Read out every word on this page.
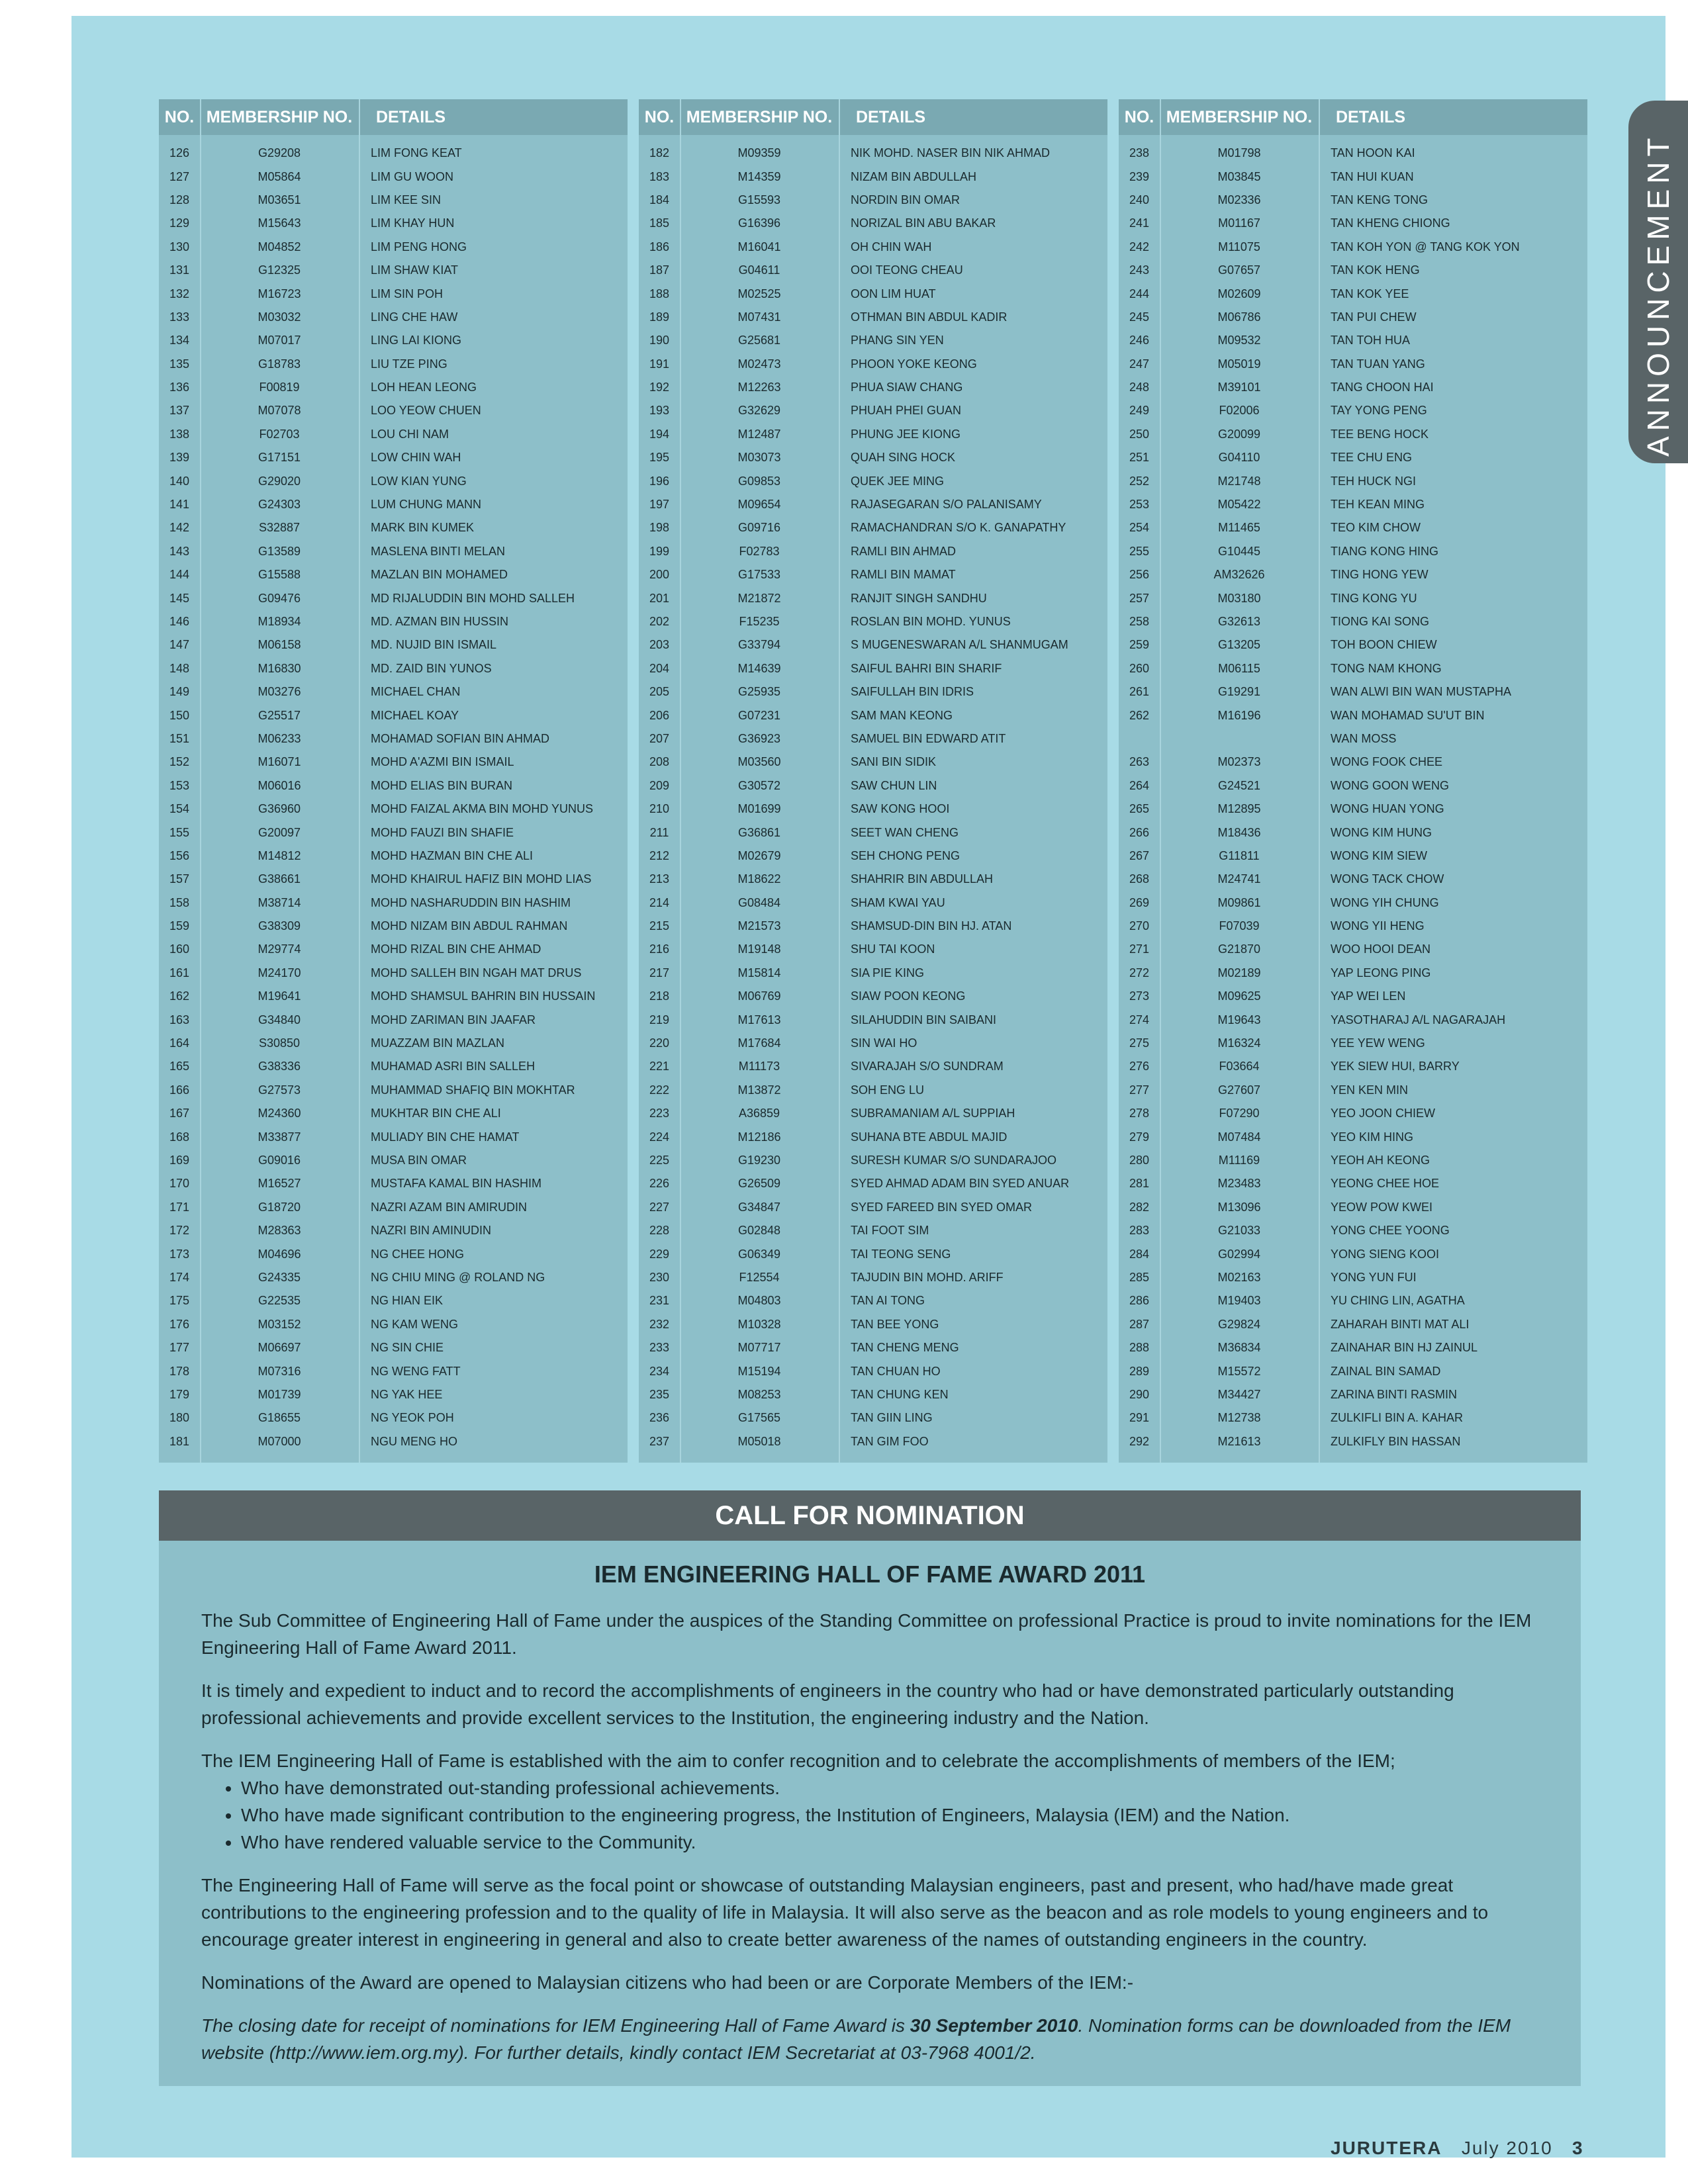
ANNOUNCEMENT
NO. MEMBERSHIP NO.	DETAILS
126	G29208	LIM FONG KEAT
127	M05864	LIM GU WOON
128	M03651	LIM KEE SIN
129	M15643	LIM KHAY HUN
130	M04852	LIM PENG HONG
131	G12325	LIM SHAW KIAT
132	M16723	LIM SIN POH
133	M03032	LING CHE HAW
134	M07017	LING LAI KIONG
135	G18783	LIU TZE PING
136	F00819	LOH HEAN LEONG
137	M07078	LOO YEOW CHUEN
138	F02703	LOU CHI NAM
139	G17151	LOW CHIN WAH
140	G29020	LOW KIAN YUNG
141	G24303	LUM CHUNG MANN
142	S32887	MARK BIN KUMEK
143	G13589	MASLENA BINTI MELAN
144	G15588	MAZLAN BIN MOHAMED
145	G09476	MD RIJALUDDIN BIN MOHD SALLEH
146	M18934	MD. AZMAN BIN HUSSIN
147	M06158	MD. NUJID BIN ISMAIL
148	M16830	MD. ZAID BIN YUNOS
149	M03276	MICHAEL CHAN
150	G25517	MICHAEL KOAY
151	M06233	MOHAMAD SOFIAN BIN AHMAD
152	M16071	MOHD A'AZMI BIN ISMAIL
153	M06016	MOHD ELIAS BIN BURAN
154	G36960	MOHD FAIZAL AKMA BIN MOHD YUNUS
155	G20097	MOHD FAUZI BIN SHAFIE
156	M14812	MOHD HAZMAN BIN CHE ALI
157	G38661	MOHD KHAIRUL HAFIZ BIN MOHD LIAS
158	M38714	MOHD NASHARUDDIN BIN HASHIM
159	G38309	MOHD NIZAM BIN ABDUL RAHMAN
160	M29774	MOHD RIZAL BIN CHE AHMAD
161	M24170	MOHD SALLEH BIN NGAH MAT DRUS
162	M19641	MOHD SHAMSUL BAHRIN BIN HUSSAIN
163	G34840	MOHD ZARIMAN BIN JAAFAR
164	S30850	MUAZZAM BIN MAZLAN
165	G38336	MUHAMAD ASRI BIN SALLEH
166	G27573	MUHAMMAD SHAFIQ BIN MOKHTAR
167	M24360	MUKHTAR BIN CHE ALI
168	M33877	MULIADY BIN CHE HAMAT
169	G09016	MUSA BIN OMAR
170	M16527	MUSTAFA KAMAL BIN HASHIM
171	G18720	NAZRI AZAM BIN AMIRUDIN
172	M28363	NAZRI BIN AMINUDIN
173	M04696	NG CHEE HONG
174	G24335	NG CHIU MING @ ROLAND NG
175	G22535	NG HIAN EIK
176	M03152	NG KAM WENG
177	M06697	NG SIN CHIE
178	M07316	NG WENG FATT
179	M01739	NG YAK HEE
180	G18655	NG YEOK POH
181	M07000	NGU MENG HO
NO. MEMBERSHIP NO.	DETAILS
182	M09359	NIK MOHD. NASER BIN NIK AHMAD
183	M14359	NIZAM BIN ABDULLAH
184	G15593	NORDIN BIN OMAR
185	G16396	NORIZAL BIN ABU BAKAR
186	M16041	OH CHIN WAH
187	G04611	OOI TEONG CHEAU
188	M02525	OON LIM HUAT
189	M07431	OTHMAN BIN ABDUL KADIR
190	G25681	PHANG SIN YEN
191	M02473	PHOON YOKE KEONG
192	M12263	PHUA SIAW CHANG
193	G32629	PHUAH PHEI GUAN
194	M12487	PHUNG JEE KIONG
195	M03073	QUAH SING HOCK
196	G09853	QUEK JEE MING
197	M09654	RAJASEGARAN S/O PALANISAMY
198	G09716	RAMACHANDRAN S/O K. GANAPATHY
199	F02783	RAMLI BIN AHMAD
200	G17533	RAMLI BIN MAMAT
201	M21872	RANJIT SINGH SANDHU
202	F15235	ROSLAN BIN MOHD. YUNUS
203	G33794	S MUGENESWARAN A/L SHANMUGAM
204	M14639	SAIFUL BAHRI BIN SHARIF
205	G25935	SAIFULLAH BIN IDRIS
206	G07231	SAM MAN KEONG
207	G36923	SAMUEL BIN EDWARD ATIT
208	M03560	SANI BIN SIDIK
209	G30572	SAW CHUN LIN
210	M01699	SAW KONG HOOI
211	G36861	SEET WAN CHENG
212	M02679	SEH CHONG PENG
213	M18622	SHAHRIR BIN ABDULLAH
214	G08484	SHAM KWAI YAU
215	M21573	SHAMSUD-DIN BIN HJ. ATAN
216	M19148	SHU TAI KOON
217	M15814	SIA PIE KING
218	M06769	SIAW POON KEONG
219	M17613	SILAHUDDIN BIN SAIBANI
220	M17684	SIN WAI HO
221	M11173	SIVARAJAH S/O SUNDRAM
222	M13872	SOH ENG LU
223	A36859	SUBRAMANIAM A/L SUPPIAH
224	M12186	SUHANA BTE ABDUL MAJID
225	G19230	SURESH KUMAR S/O SUNDARAJOO
226	G26509	SYED AHMAD ADAM BIN SYED ANUAR
227	G34847	SYED FAREED BIN SYED OMAR
228	G02848	TAI FOOT SIM
229	G06349	TAI TEONG SENG
230	F12554	TAJUDIN BIN MOHD. ARIFF
231	M04803	TAN AI TONG
232	M10328	TAN BEE YONG
233	M07717	TAN CHENG MENG
234	M15194	TAN CHUAN HO
235	M08253	TAN CHUNG KEN
236	G17565	TAN GIIN LING
237	M05018	TAN GIM FOO
NO. MEMBERSHIP NO.	DETAILS
238	M01798	TAN HOON KAI
239	M03845	TAN HUI KUAN
240	M02336	TAN KENG TONG
241	M01167	TAN KHENG CHIONG
242	M11075	TAN KOH YON @ TANG KOK YON
243	G07657	TAN KOK HENG
244	M02609	TAN KOK YEE
245	M06786	TAN PUI CHEW
246	M09532	TAN TOH HUA
247	M05019	TAN TUAN YANG
248	M39101	TANG CHOON HAI
249	F02006	TAY YONG PENG
250	G20099	TEE BENG HOCK
251	G04110	TEE CHU ENG
252	M21748	TEH HUCK NGI
253	M05422	TEH KEAN MING
254	M11465	TEO KIM CHOW
255	G10445	TIANG KONG HING
256	AM32626	TING HONG YEW
257	M03180	TING KONG YU
258	G32613	TIONG KAI SONG
259	G13205	TOH BOON CHIEW
260	M06115	TONG NAM KHONG
261	G19291	WAN ALWI BIN WAN MUSTAPHA
262	M16196	WAN MOHAMAD SU'UT BIN
WAN MOSS
263	M02373	WONG FOOK CHEE
264	G24521	WONG GOON WENG
265	M12895	WONG HUAN YONG
266	M18436	WONG KIM HUNG
267	G11811	WONG KIM SIEW
268	M24741	WONG TACK CHOW
269	M09861	WONG YIH CHUNG
270	F07039	WONG YII HENG
271	G21870	WOO HOOI DEAN
272	M02189	YAP LEONG PING
273	M09625	YAP WEI LEN
274	M19643	YASOTHARAJ A/L NAGARAJAH
275	M16324	YEE YEW WENG
276	F03664	YEK SIEW HUI, BARRY
277	G27607	YEN KEN MIN
278	F07290	YEO JOON CHIEW
279	M07484	YEO KIM HING
280	M11169	YEOH AH KEONG
281	M23483	YEONG CHEE HOE
282	M13096	YEOW POW KWEI
283	G21033	YONG CHEE YOONG
284	G02994	YONG SIENG KOOI
285	M02163	YONG YUN FUI
286	M19403	YU CHING LIN, AGATHA
287	G29824	ZAHARAH BINTI MAT ALI
288	M36834	ZAINAHAR BIN HJ ZAINUL
289	M15572	ZAINAL BIN SAMAD
290	M34427	ZARINA BINTI RASMIN
291	M12738	ZULKIFLI BIN A. KAHAR
292	M21613	ZULKIFLY BIN HASSAN
CALL FOR NOMINATION
IEM ENGINEERING HALL OF FAME AWARD 2011

The Sub Committee of Engineering Hall of Fame under the auspices of the Standing Committee on professional Practice is proud to invite nominations for the IEM Engineering Hall of Fame Award 2011.

It is timely and expedient to induct and to record the accomplishments of engineers in the country who had or have demonstrated particularly outstanding professional achievements and provide excellent services to the Institution, the engineering industry and the Nation.

The IEM Engineering Hall of Fame is established with the aim to confer recognition and to celebrate the accomplishments of members of the IEM;

• Who have demonstrated out-standing professional achievements.
• Who have made significant contribution to the engineering progress, the Institution of Engineers, Malaysia (IEM) and the Nation.
• Who have rendered valuable service to the Community.

The Engineering Hall of Fame will serve as the focal point or showcase of outstanding Malaysian engineers, past and present, who had/have made great contributions to the engineering profession and to the quality of life in Malaysia. It will also serve as the beacon and as role models to young engineers and to encourage greater interest in engineering in general and also to create better awareness of the names of outstanding engineers in the country.

Nominations of the Award are opened to Malaysian citizens who had been or are Corporate Members of the IEM:-

The closing date for receipt of nominations for IEM Engineering Hall of Fame Award is 30 September 2010. Nomination forms can be downloaded from the IEM website (http://www.iem.org.my). For further details, kindly contact IEM Secretariat at 03-7968 4001/2.

JURUTERA July 2010 3
